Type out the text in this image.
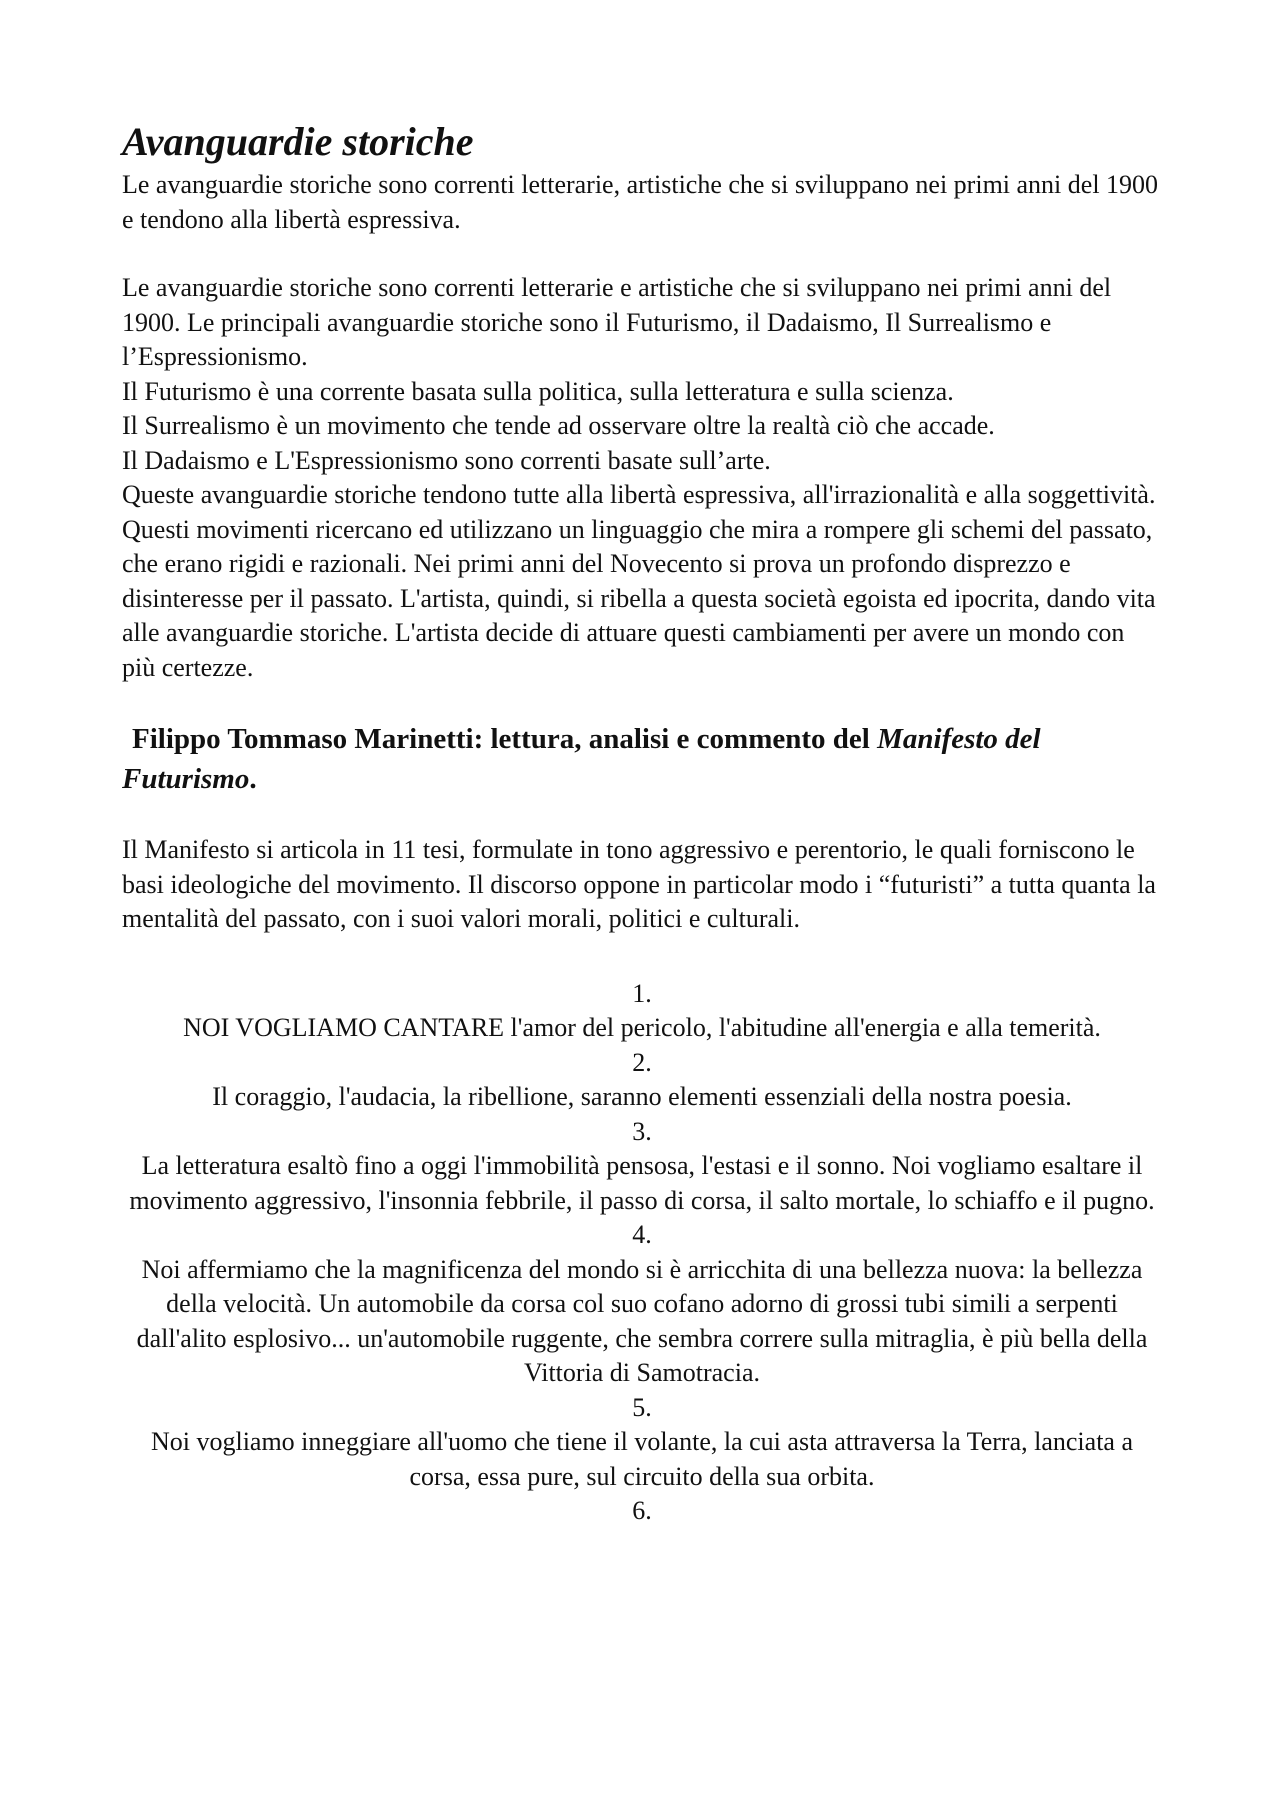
Avanguardie storiche

Le avanguardie storiche sono correnti letterarie, artistiche che si sviluppano nei primi anni del 1900 e tendono alla libertà espressiva.

Le avanguardie storiche sono correnti letterarie e artistiche che si sviluppano nei primi anni del 1900. Le principali avanguardie storiche sono il Futurismo, il Dadaismo, Il Surrealismo e l’Espressionismo.

Il Futurismo è una corrente basata sulla politica, sulla letteratura e sulla scienza.

Il Surrealismo è un movimento che tende ad osservare oltre la realtà ciò che accade.

Il Dadaismo e L'Espressionismo sono correnti basate sull’arte.

Queste avanguardie storiche tendono tutte alla libertà espressiva, all'irrazionalità e alla soggettività.

Questi movimenti ricercano ed utilizzano un linguaggio che mira a rompere gli schemi del passato, che erano rigidi e razionali. Nei primi anni del Novecento si prova un profondo disprezzo e disinteresse per il passato. L'artista, quindi, si ribella a questa società egoista ed ipocrita, dando vita alle avanguardie storiche. L'artista decide di attuare questi cambiamenti per avere un mondo con più certezze.

Filippo Tommaso Marinetti: lettura, analisi e commento del Manifesto del Futurismo.

Il Manifesto si articola in 11 tesi, formulate in tono aggressivo e perentorio, le quali forniscono le basi ideologiche del movimento. Il discorso oppone in particolar modo i “futuristi” a tutta quanta la mentalità del passato, con i suoi valori morali, politici e culturali.

1.
NOI VOGLIAMO CANTARE l'amor del pericolo, l'abitudine all'energia e alla temerità.
2.
Il coraggio, l'audacia, la ribellione, saranno elementi essenziali della nostra poesia.
3.
La letteratura esaltò fino a oggi l'immobilità pensosa, l'estasi e il sonno. Noi vogliamo esaltare il movimento aggressivo, l'insonnia febbrile, il passo di corsa, il salto mortale, lo schiaffo e il pugno.
4.
Noi affermiamo che la magnificenza del mondo si è arricchita di una bellezza nuova: la bellezza della velocità. Un automobile da corsa col suo cofano adorno di grossi tubi simili a serpenti dall'alito esplosivo... un'automobile ruggente, che sembra correre sulla mitraglia, è più bella della Vittoria di Samotracia.
5.
Noi vogliamo inneggiare all'uomo che tiene il volante, la cui asta attraversa la Terra, lanciata a corsa, essa pure, sul circuito della sua orbita.
6.
